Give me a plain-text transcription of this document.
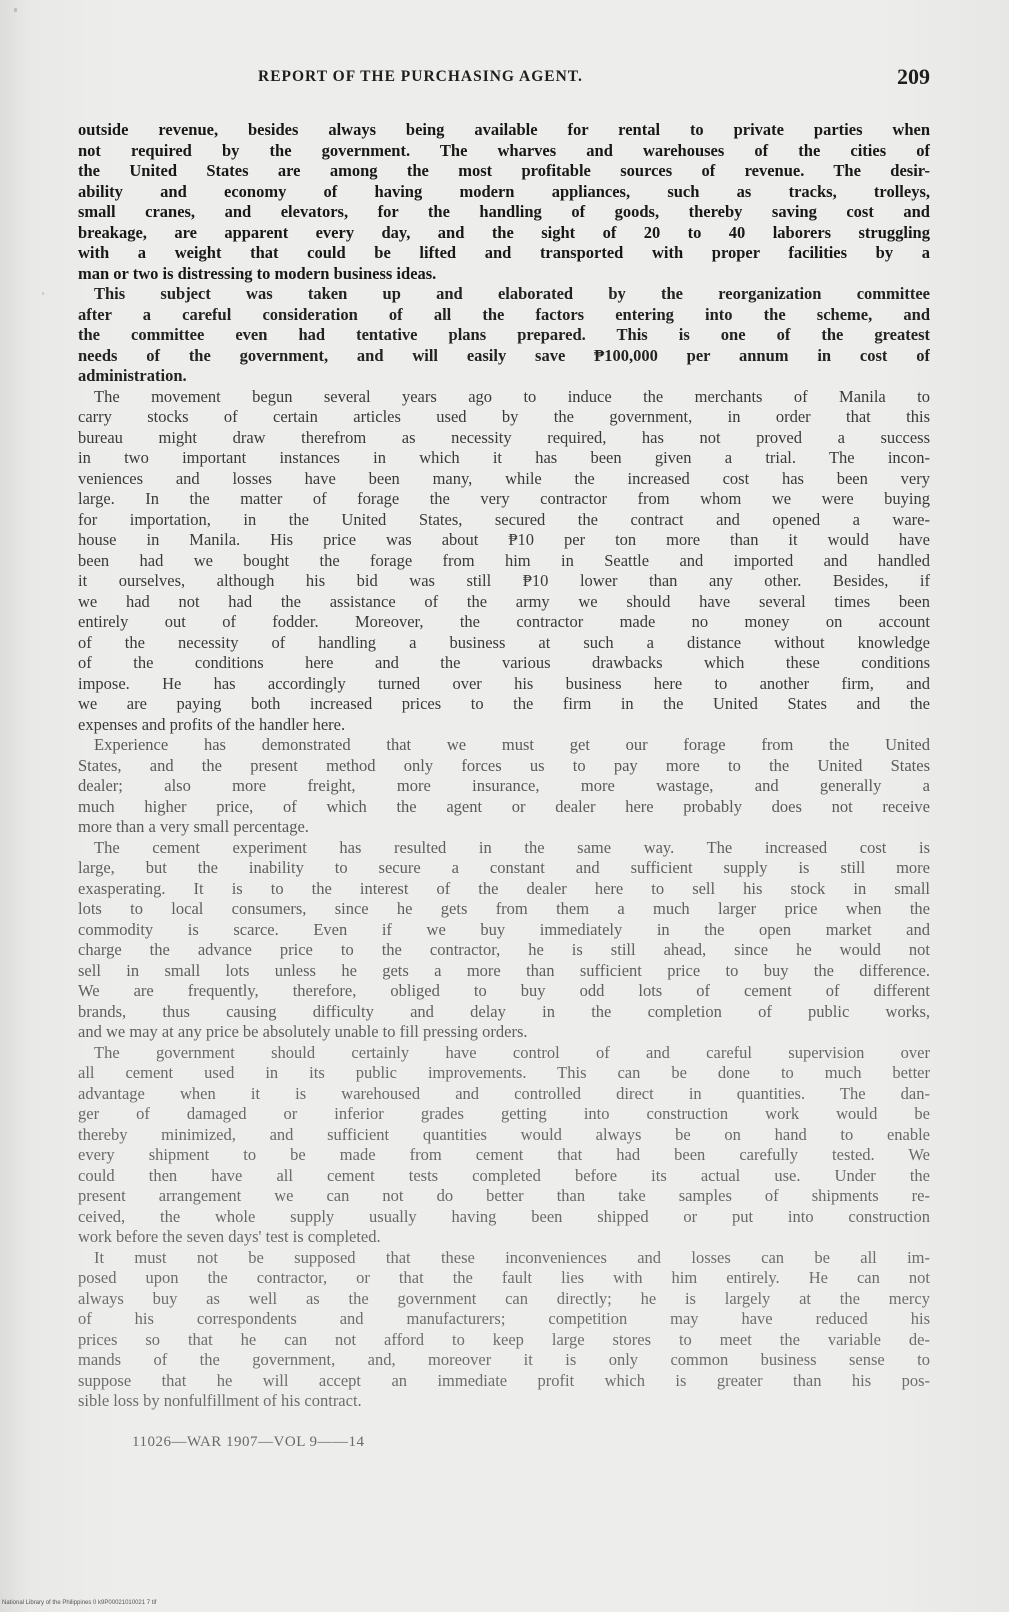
REPORT OF THE PURCHASING AGENT.	209
outside revenue, besides always being available for rental to private parties when
not required by the government. The wharves and warehouses of the cities of
the United States are among the most profitable sources of revenue. The desir-
ability and economy of having modern appliances, such as tracks, trolleys,
small cranes, and elevators, for the handling of goods, thereby saving cost and
breakage, are apparent every day, and the sight of 20 to 40 laborers struggling
with a weight that could be lifted and transported with proper facilities by a
man or two is distressing to modern business ideas.
This subject was taken up and elaborated by the reorganization committee
after a careful consideration of all the factors entering into the scheme, and
the committee even had tentative plans prepared. This is one of the greatest
needs of the government, and will easily save ₱100,000 per annum in cost of
administration.
The movement begun several years ago to induce the merchants of Manila to
carry stocks of certain articles used by the government, in order that this
bureau might draw therefrom as necessity required, has not proved a success
in two important instances in which it has been given a trial. The incon-
veniences and losses have been many, while the increased cost has been very
large. In the matter of forage the very contractor from whom we were buying
for importation, in the United States, secured the contract and opened a ware-
house in Manila. His price was about ₱10 per ton more than it would have
been had we bought the forage from him in Seattle and imported and handled
it ourselves, although his bid was still ₱10 lower than any other. Besides, if
we had not had the assistance of the army we should have several times been
entirely out of fodder. Moreover, the contractor made no money on account
of the necessity of handling a business at such a distance without knowledge
of the conditions here and the various drawbacks which these conditions
impose. He has accordingly turned over his business here to another firm, and
we are paying both increased prices to the firm in the United States and the
expenses and profits of the handler here.
Experience has demonstrated that we must get our forage from the United
States, and the present method only forces us to pay more to the United States
dealer; also more freight, more insurance, more wastage, and generally a
much higher price, of which the agent or dealer here probably does not receive
more than a very small percentage.
The cement experiment has resulted in the same way. The increased cost is
large, but the inability to secure a constant and sufficient supply is still more
exasperating. It is to the interest of the dealer here to sell his stock in small
lots to local consumers, since he gets from them a much larger price when the
commodity is scarce. Even if we buy immediately in the open market and
charge the advance price to the contractor, he is still ahead, since he would not
sell in small lots unless he gets a more than sufficient price to buy the difference.
We are frequently, therefore, obliged to buy odd lots of cement of different
brands, thus causing difficulty and delay in the completion of public works,
and we may at any price be absolutely unable to fill pressing orders.
The government should certainly have control of and careful supervision over
all cement used in its public improvements. This can be done to much better
advantage when it is warehoused and controlled direct in quantities. The dan-
ger of damaged or inferior grades getting into construction work would be
thereby minimized, and sufficient quantities would always be on hand to enable
every shipment to be made from cement that had been carefully tested. We
could then have all cement tests completed before its actual use. Under the
present arrangement we can not do better than take samples of shipments re-
ceived, the whole supply usually having been shipped or put into construction
work before the seven days' test is completed.
It must not be supposed that these inconveniences and losses can be all im-
posed upon the contractor, or that the fault lies with him entirely. He can not
always buy as well as the government can directly; he is largely at the mercy
of his correspondents and manufacturers; competition may have reduced his
prices so that he can not afford to keep large stores to meet the variable de-
mands of the government, and, moreover it is only common business sense to
suppose that he will accept an immediate profit which is greater than his pos-
sible loss by nonfulfillment of his contract.
11026—WAR 1907—VOL 9——14
National Library of the Philippines 0 k9P00021010021 7 tif
